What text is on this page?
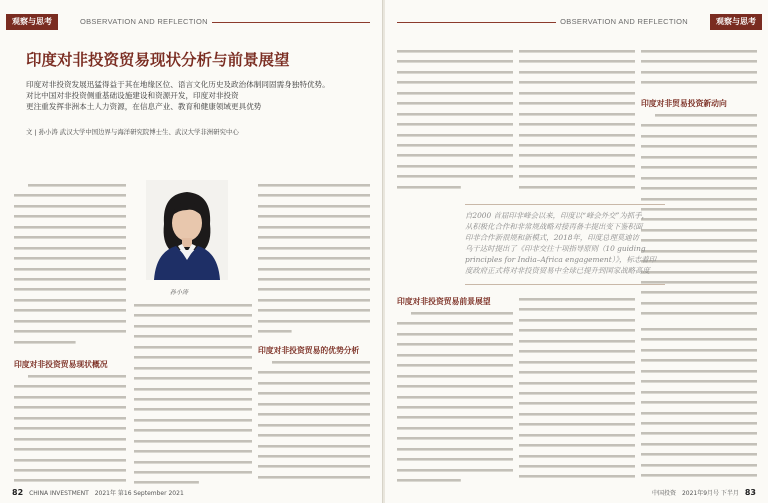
观察与思考	OBSERVATION AND REFLECTION
印度对非投资贸易现状分析与前景展望
印度对非投资发展迅猛得益于其在地缘区位、语言文化历史及政治体制同固需身独特优势。
对比中国对非投资侧重基础设施建设和资源开发，印度对非投资
更注重发挥非洲本土人力资源，在信息产业、教育和健康领域更具优势
文 | 孙小涛 武汉大学中国边界与海洋研究院博士生、武汉大学非洲研究中心
印度对非投资贸易现状概况
孙小涛
印度对非投资贸易的优势分析
82 CHINA INVESTMENT 2021年 第16 September 2021
观察与思考
OBSERVATION AND REFLECTION
印度对非贸易投资新动向
自2000 首届印非峰会以来，印度以“峰会外交”为抓手，
从积极化合作和非常规战略对接再备丰提出变下鉴积面
印非合作新很规和新模式，2018年，印度总理莫迪访
乌干达时提出了《印非交往十项指导原则（10 guiding
principles for India–Africa engagement）》，标志着印
度政府正式将对非投资贸易中全球已提升到国家战略高度
印度对非投资贸易前景展望
中国投资 2021年9月号 下半月 83
